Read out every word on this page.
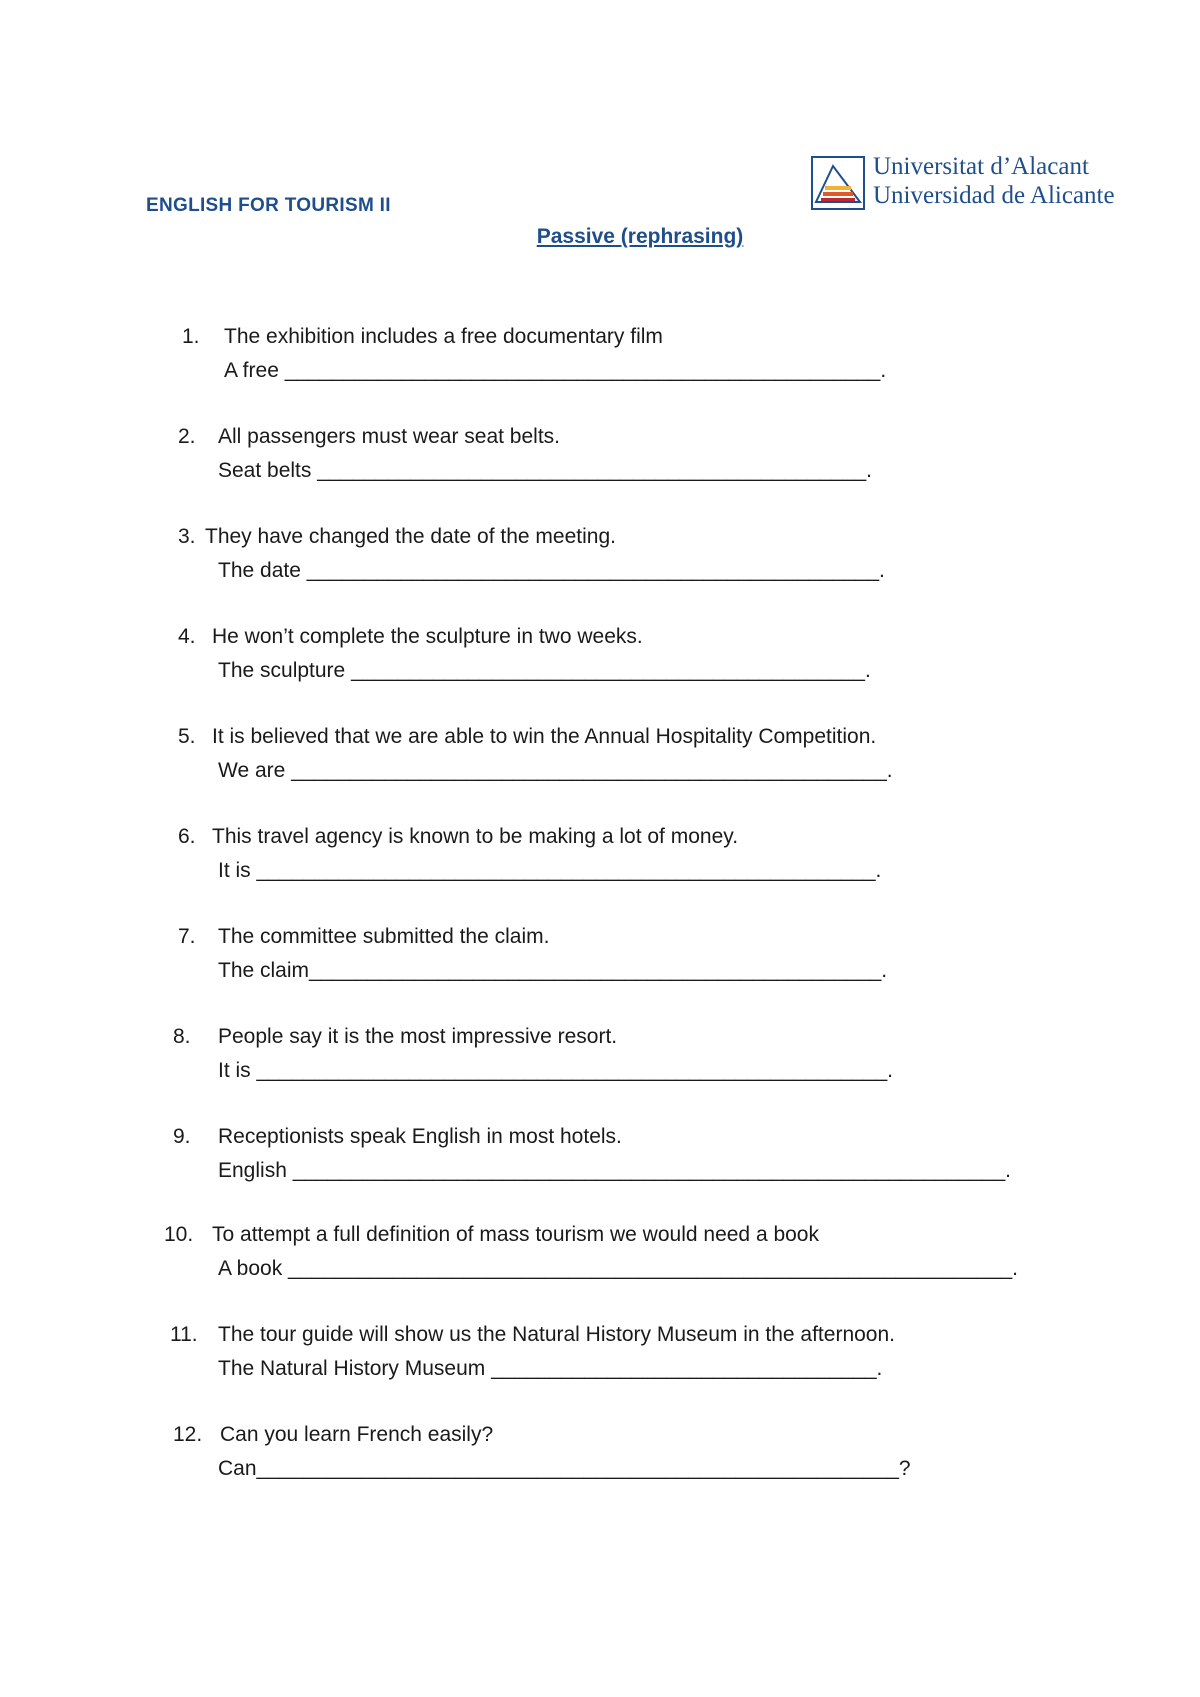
ENGLISH FOR TOURISM II
Universitat d’Alacant
Universidad de Alicante
Passive (rephrasing)
1. The exhibition includes a free documentary film
A free ___________________________________________________.
2. All passengers must wear seat belts.
Seat belts _______________________________________________.
3. They have changed the date of the meeting.
The date _________________________________________________.
4. He won’t complete the sculpture in two weeks.
The sculpture ____________________________________________.
5. It is believed that we are able to win the Annual Hospitality Competition.
We are ___________________________________________________.
6. This travel agency is known to be making a lot of money.
It is _____________________________________________________.
7. The committee submitted the claim.
The claim_________________________________________________.
8. People say it is the most impressive resort.
It is ______________________________________________________.
9. Receptionists speak English in most hotels.
English _____________________________________________________________.
10. To attempt a full definition of mass tourism we would need a book
A book ______________________________________________________________.
11. The tour guide will show us the Natural History Museum in the afternoon.
The Natural History Museum _________________________________.
12. Can you learn French easily?
Can_______________________________________________________?
